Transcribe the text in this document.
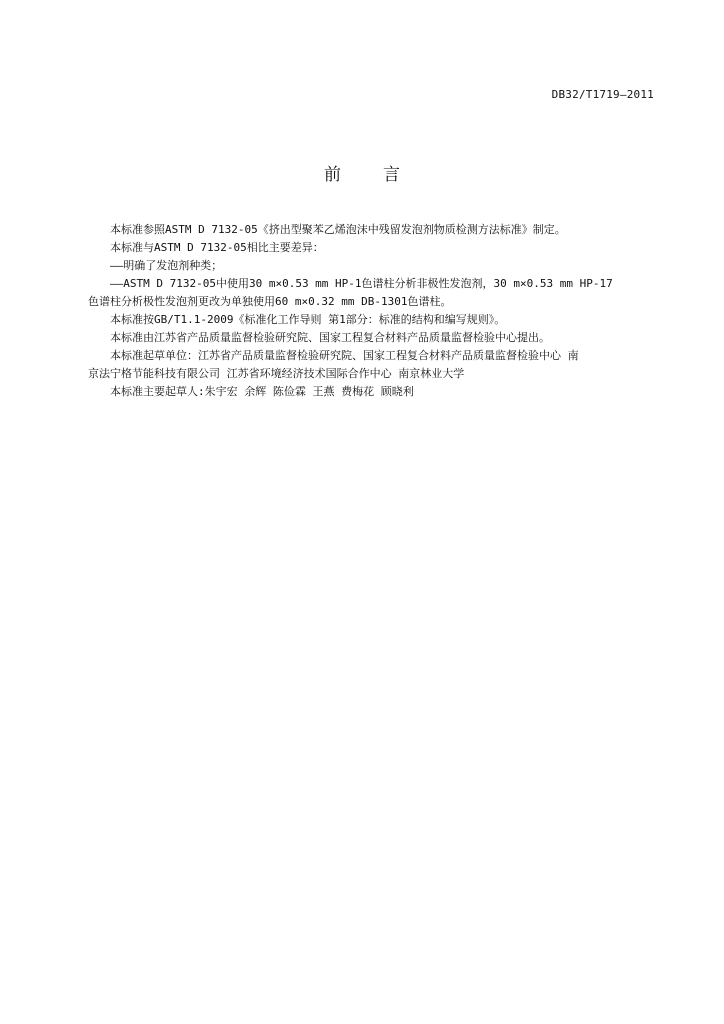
DB32/T1719—2011
前 言

本标准参照ASTM D 7132-05《挤出型聚苯乙烯泡沫中残留发泡剂物质检测方法标准》制定。

本标准与ASTM D 7132-05相比主要差异：

——明确了发泡剂种类；

——ASTM D 7132-05中使用30 m×0.53 mm HP-1色谱柱分析非极性发泡剂，30 m×0.53 mm HP-17
色谱柱分析极性发泡剂更改为单独使用60 m×0.32 mm DB-1301色谱柱。

本标准按GB/T1.1-2009《标准化工作导则 第1部分：标准的结构和编写规则》。

本标准由江苏省产品质量监督检验研究院、国家工程复合材料产品质量监督检验中心提出。

本标准起草单位：江苏省产品质量监督检验研究院、国家工程复合材料产品质量监督检验中心 南
京法宁格节能科技有限公司 江苏省环境经济技术国际合作中心 南京林业大学

本标准主要起草人:朱宇宏 余辉 陈俭霖 王燕 费梅花 顾晓利
